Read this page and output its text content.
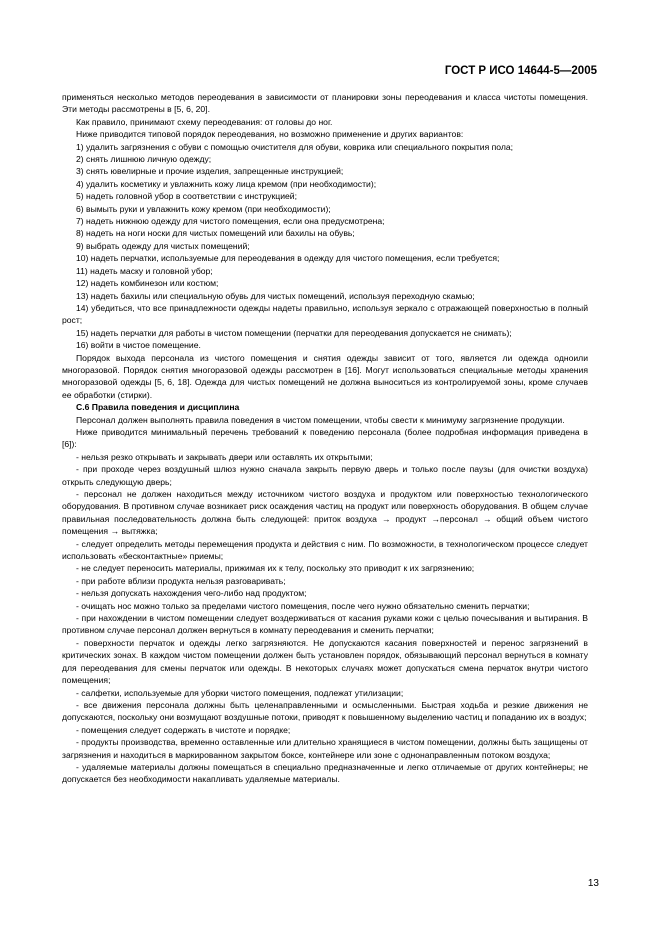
ГОСТ Р ИСО 14644-5—2005

применяться несколько методов переодевания в зависимости от планировки зоны переодевания и класса чистоты помещения. Эти методы рассмотрены в [5, 6, 20].

Как правило, принимают схему переодевания: от головы до ног.

Ниже приводится типовой порядок переодевания, но возможно применение и других вариантов:

1) удалить загрязнения с обуви с помощью очистителя для обуви, коврика или специального покрытия пола;

2) снять лишнюю личную одежду;

3) снять ювелирные и прочие изделия, запрещенные инструкцией;

4) удалить косметику и увлажнить кожу лица кремом (при необходимости);

5) надеть головной убор в соответствии с инструкцией;

6) вымыть руки и увлажнить кожу кремом (при необходимости);

7) надеть нижнюю одежду для чистого помещения, если она предусмотрена;

8) надеть на ноги носки для чистых помещений или бахилы на обувь;

9) выбрать одежду для чистых помещений;

10) надеть перчатки, используемые для переодевания в одежду для чистого помещения, если требуется;

11) надеть маску и головной убор;

12) надеть комбинезон или костюм;

13) надеть бахилы или специальную обувь для чистых помещений, используя переходную скамью;

14) убедиться, что все принадлежности одежды надеты правильно, используя зеркало с отражающей поверхностью в полный рост;

15) надеть перчатки для работы в чистом помещении (перчатки для переодевания допускается не снимать);

16) войти в чистое помещение.

Порядок выхода персонала из чистого помещения и снятия одежды зависит от того, является ли одежда одноили многоразовой. Порядок снятия многоразовой одежды рассмотрен в [16]. Могут использоваться специальные методы хранения многоразовой одежды [5, 6, 18]. Одежда для чистых помещений не должна выноситься из контролируемой зоны, кроме случаев ее обработки (стирки).

С.6 Правила поведения и дисциплина

Персонал должен выполнять правила поведения в чистом помещении, чтобы свести к минимуму загрязнение продукции.

Ниже приводится минимальный перечень требований к поведению персонала (более подробная информация приведена в [6]):

- нельзя резко открывать и закрывать двери или оставлять их открытыми;

- при проходе через воздушный шлюз нужно сначала закрыть первую дверь и только после паузы (для очистки воздуха) открыть следующую дверь;

- персонал не должен находиться между источником чистого воздуха и продуктом или поверхностью технологического оборудования. В противном случае возникает риск осаждения частиц на продукт или поверхность оборудования. В общем случае правильная последовательность должна быть следующей: приток воздуха → продукт →персонал → общий объем чистого помещения → вытяжка;

- следует определить методы перемещения продукта и действия с ним. По возможности, в технологическом процессе следует использовать «бесконтактные» приемы;

- не следует переносить материалы, прижимая их к телу, поскольку это приводит к их загрязнению;

- при работе вблизи продукта нельзя разговаривать;

- нельзя допускать нахождения чего-либо над продуктом;

- очищать нос можно только за пределами чистого помещения, после чего нужно обязательно сменить перчатки;

- при нахождении в чистом помещении следует воздерживаться от касания руками кожи с целью почесывания и вытирания. В противном случае персонал должен вернуться в комнату переодевания и сменить перчатки;

- поверхности перчаток и одежды легко загрязняются. Не допускаются касания поверхностей и перенос загрязнений в критических зонах. В каждом чистом помещении должен быть установлен порядок, обязывающий персонал вернуться в комнату для переодевания для смены перчаток или одежды. В некоторых случаях может допускаться смена перчаток внутри чистого помещения;

- салфетки, используемые для уборки чистого помещения, подлежат утилизации;

- все движения персонала должны быть целенаправленными и осмысленными. Быстрая ходьба и резкие движения не допускаются, поскольку они возмущают воздушные потоки, приводят к повышенному выделению частиц и попаданию их в воздух;

- помещения следует содержать в чистоте и порядке;

- продукты производства, временно оставленные или длительно хранящиеся в чистом помещении, должны быть защищены от загрязнения и находиться в маркированном закрытом боксе, контейнере или зоне с однонаправленным потоком воздуха;

- удаляемые материалы должны помещаться в специально предназначенные и легко отличаемые от других контейнеры; не допускается без необходимости накапливать удаляемые материалы.

13
